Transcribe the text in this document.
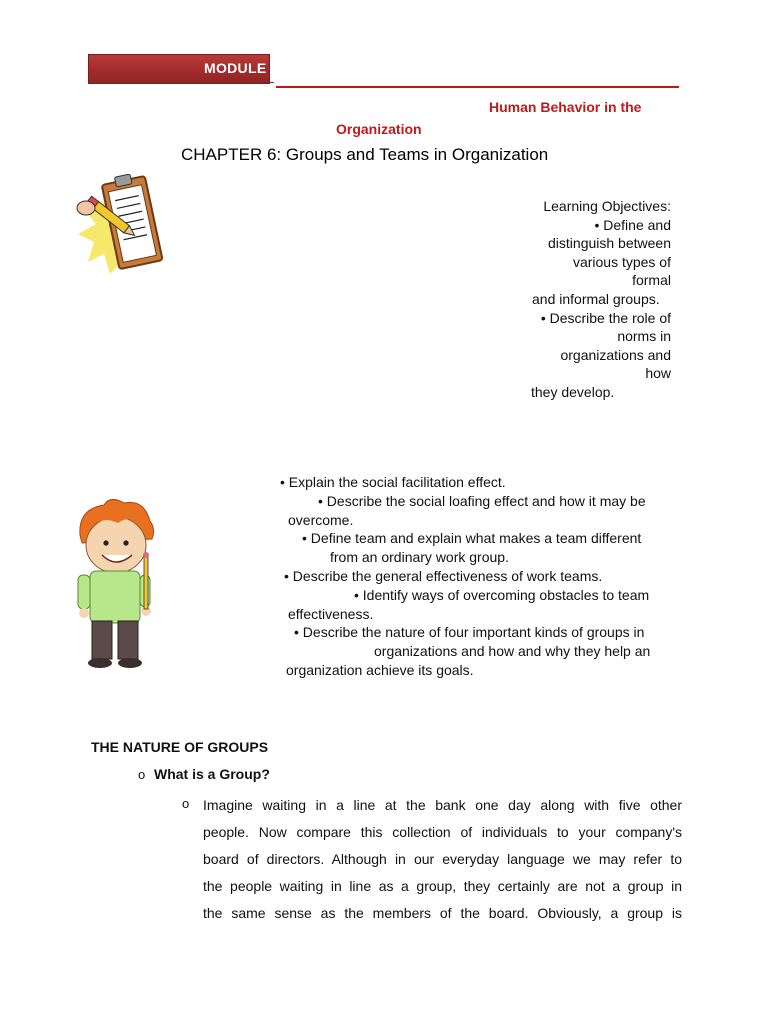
MODULE
Human Behavior in the
Organization
CHAPTER 6: Groups and Teams in Organization
Learning Objectives:
• Define and
distinguish between
various types of
formal
and informal groups.
• Describe the role of
norms in
organizations and
how
they develop.
• Explain the social facilitation effect.
• Describe the social loafing effect and how it may be
overcome.
• Define team and explain what makes a team different
from an ordinary work group.
• Describe the general effectiveness of work teams.
• Identify ways of overcoming obstacles to team
effectiveness.
• Describe the nature of four important kinds of groups in
organizations and how and why they help an
organization achieve its goals.
THE NATURE OF GROUPS
o What is a Group?
o Imagine waiting in a line at the bank one day along with five other
people. Now compare this collection of individuals to your company's
board of directors. Although in our everyday language we may refer to
the people waiting in line as a group, they certainly are not a group in
the same sense as the members of the board. Obviously, a group is
